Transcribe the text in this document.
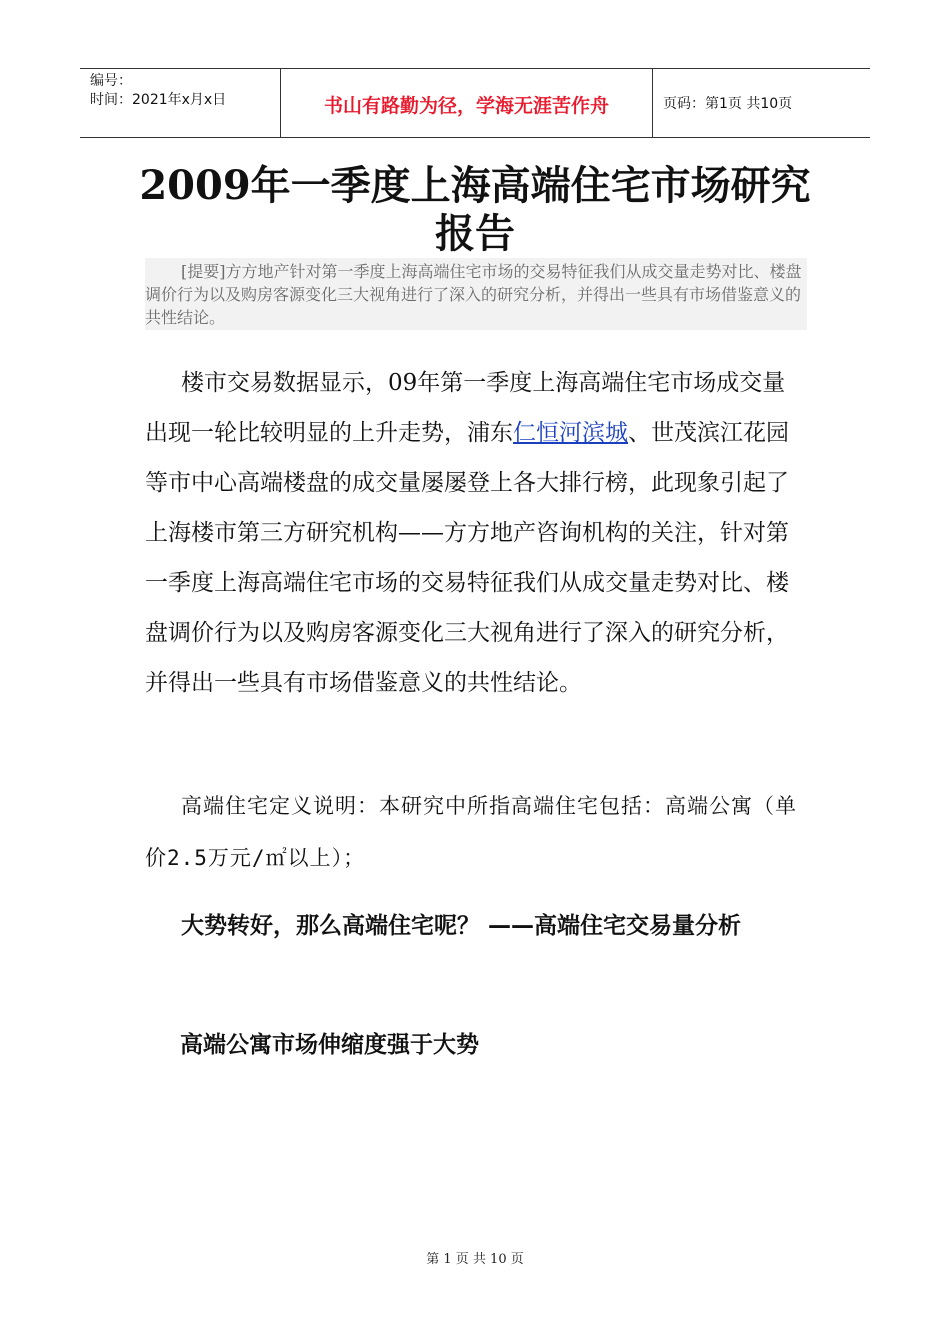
编号：
时间：2021年x月x日	书山有路勤为径，学海无涯苦作舟	页码：第1页 共10页
2009年一季度上海高端住宅市场研究报告
[提要]方方地产针对第一季度上海高端住宅市场的交易特征我们从成交量走势对比、楼盘调价行为以及购房客源变化三大视角进行了深入的研究分析，并得出一些具有市场借鉴意义的共性结论。
楼市交易数据显示，09年第一季度上海高端住宅市场成交量出现一轮比较明显的上升走势，浦东仁恒河滨城、世茂滨江花园等市中心高端楼盘的成交量屡屡登上各大排行榜，此现象引起了上海楼市第三方研究机构——方方地产咨询机构的关注，针对第一季度上海高端住宅市场的交易特征我们从成交量走势对比、楼盘调价行为以及购房客源变化三大视角进行了深入的研究分析，并得出一些具有市场借鉴意义的共性结论。
高端住宅定义说明：本研究中所指高端住宅包括：高端公寓（单价2.5万元/㎡以上）；
大势转好，那么高端住宅呢？ ——高端住宅交易量分析
高端公寓市场伸缩度强于大势
第 1 页 共 10 页
